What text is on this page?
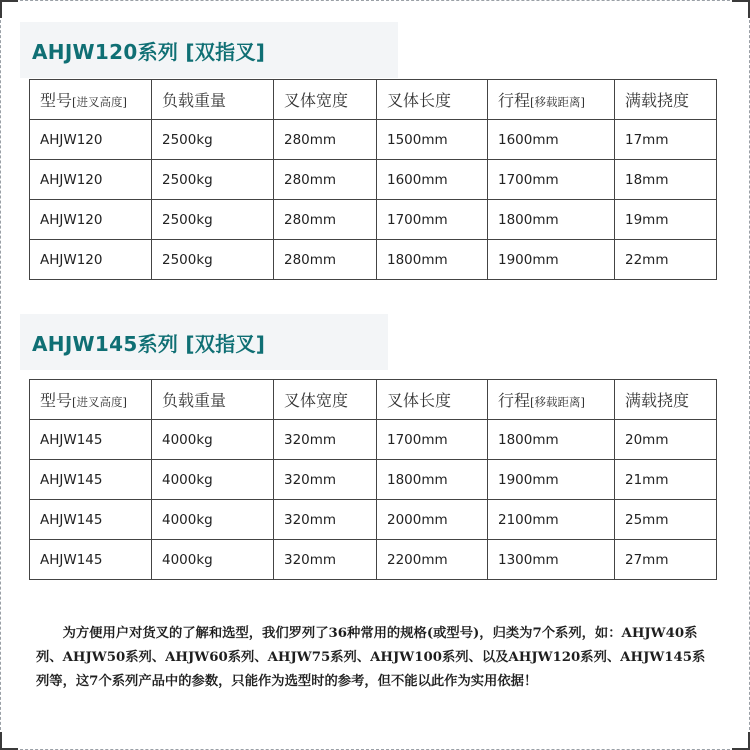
AHJW120系列 [双指叉]
型号[进叉高度]	负载重量	叉体宽度	叉体长度	行程[移载距离]	满载挠度
AHJW120	2500kg	280mm	1500mm	1600mm	17mm
AHJW120	2500kg	280mm	1600mm	1700mm	18mm
AHJW120	2500kg	280mm	1700mm	1800mm	19mm
AHJW120	2500kg	280mm	1800mm	1900mm	22mm
AHJW145系列 [双指叉]
型号[进叉高度]	负载重量	叉体宽度	叉体长度	行程[移载距离]	满载挠度
AHJW145	4000kg	320mm	1700mm	1800mm	20mm
AHJW145	4000kg	320mm	1800mm	1900mm	21mm
AHJW145	4000kg	320mm	2000mm	2100mm	25mm
AHJW145	4000kg	320mm	2200mm	1300mm	27mm

为方便用户对货叉的了解和选型，我们罗列了36种常用的规格(或型号)，归类为7个系列，如：AHJW40系列、AHJW50系列、AHJW60系列、AHJW75系列、AHJW100系列、以及AHJW120系列、AHJW145系列等，这7个系列产品中的参数，只能作为选型时的参考，但不能以此作为实用依据！
